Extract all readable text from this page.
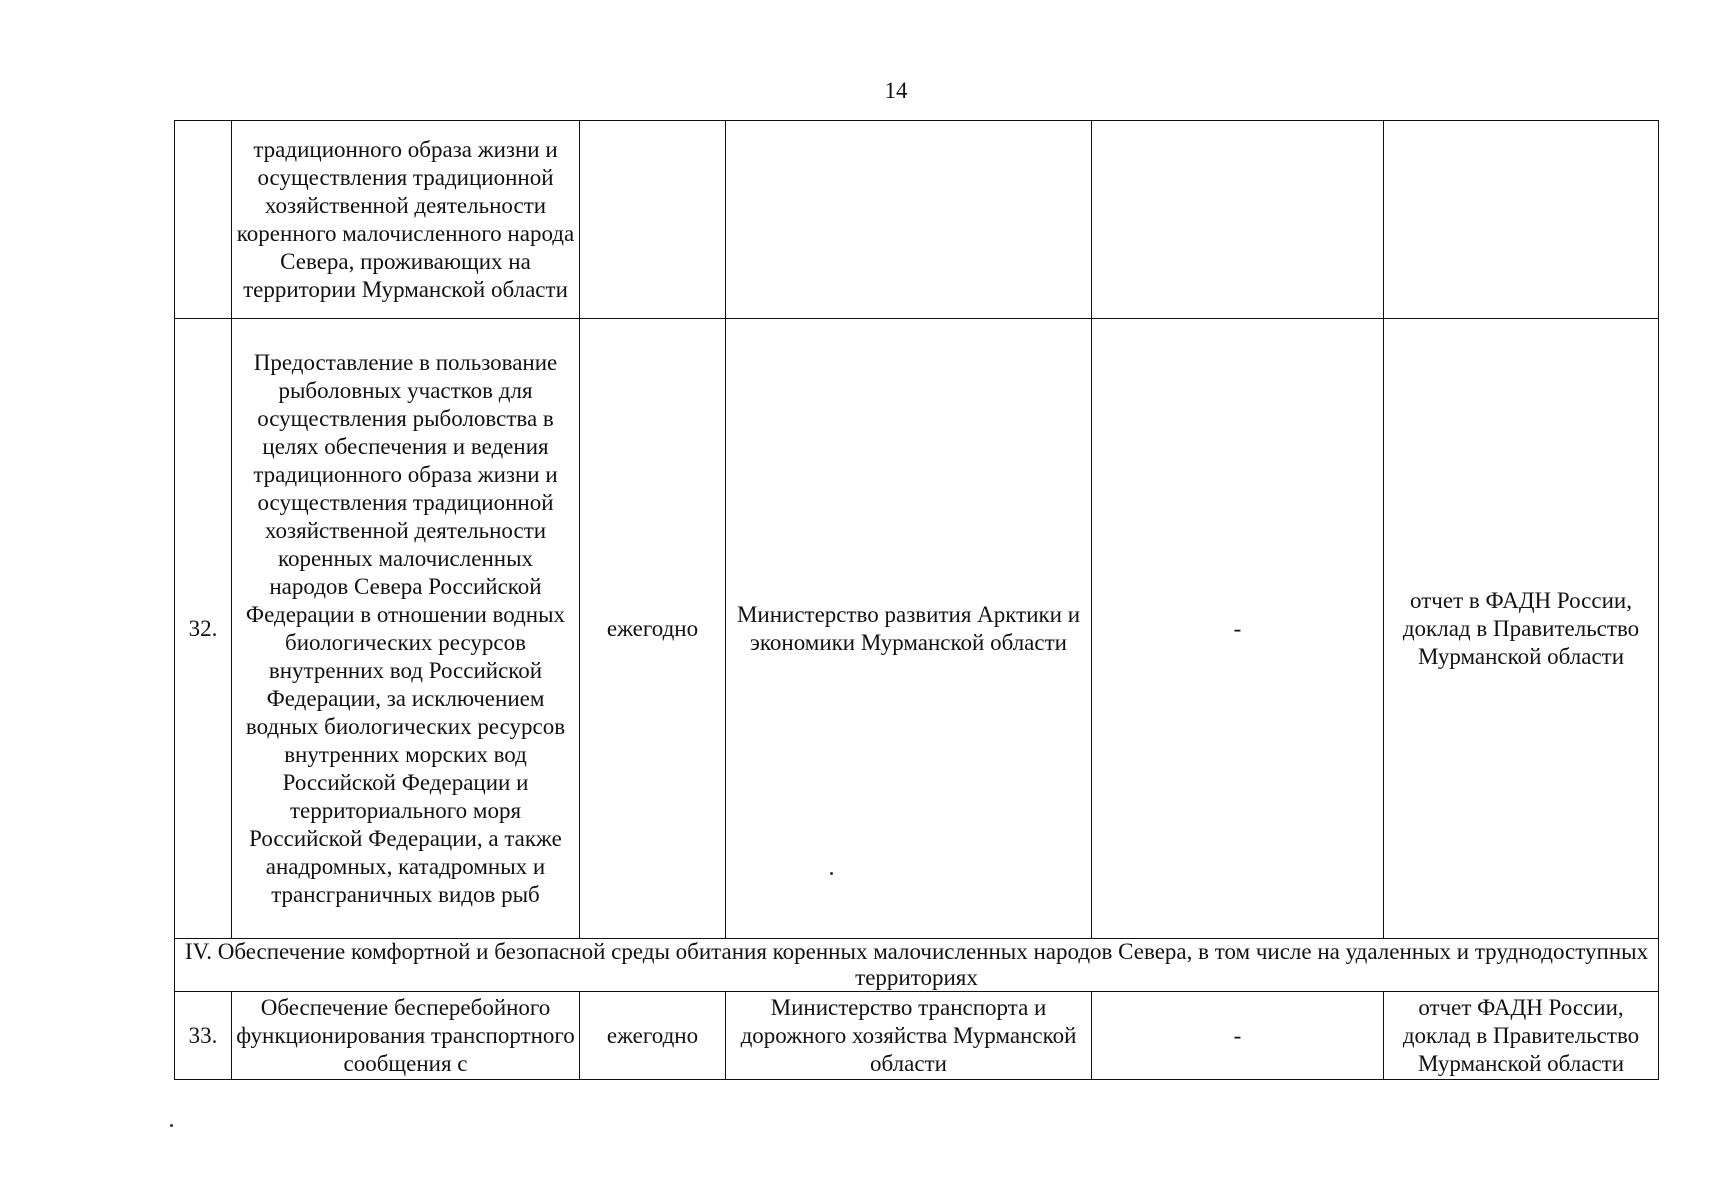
14

	традиционного образа жизни и осуществления традиционной хозяйственной деятельности коренного малочисленного народа Севера, проживающих на территории Мурманской области				

32.	Предоставление в пользование рыболовных участков для осуществления рыболовства в целях обеспечения и ведения традиционного образа жизни и осуществления традиционной хозяйственной деятельности коренных малочисленных народов Севера Российской Федерации в отношении водных биологических ресурсов внутренних вод Российской Федерации, за исключением водных биологических ресурсов внутренних морских вод Российской Федерации и территориального моря Российской Федерации, а также анадромных, катадромных и трансграничных видов рыб	ежегодно	Министерство развития Арктики и экономики Мурманской области	-	отчет в ФАДН России, доклад в Правительство Мурманской области
IV. Обеспечение комфортной и безопасной среды обитания коренных малочисленных народов Севера, в том числе на удаленных и труднодоступных территориях					
33.	Обеспечение бесперебойного функционирования транспортного сообщения с	ежегодно	Министерство транспорта и дорожного хозяйства Мурманской области	-	отчет ФАДН России, доклад в Правительство Мурманской области
